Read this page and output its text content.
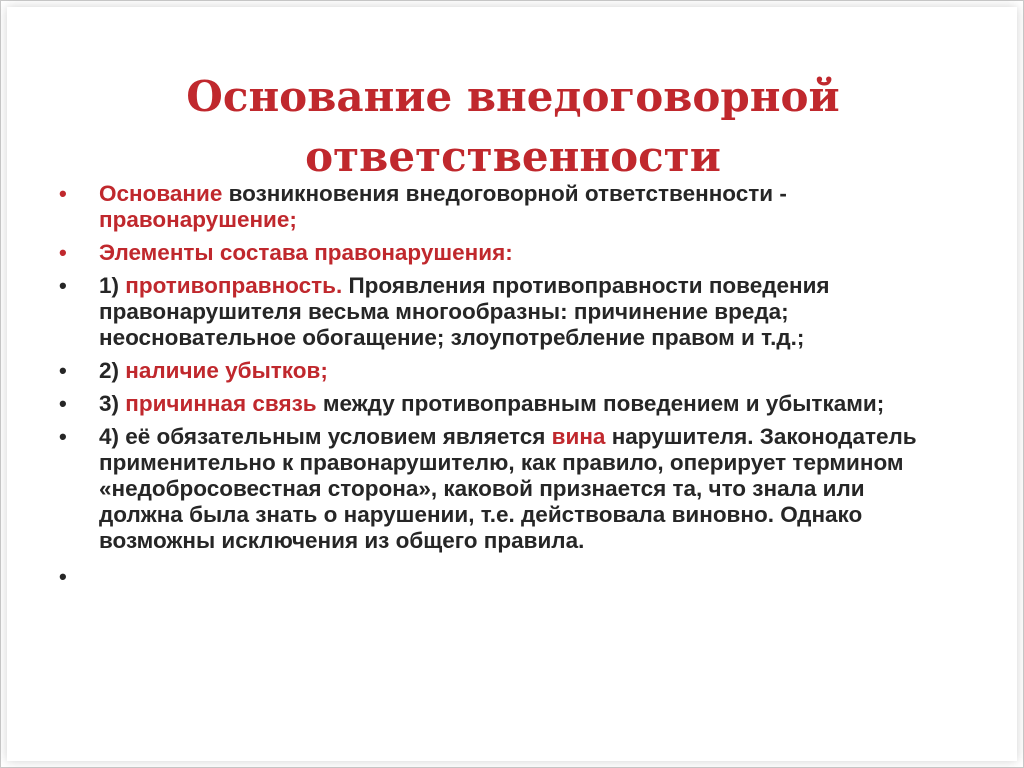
Основание внедоговорной
ответственности
• Основание возникновения внедоговорной ответственности - правонарушение;
• Элементы состава правонарушения:
• 1) противоправность. Проявления противоправности поведения правонарушителя весьма многообразны: причинение вреда; неосновательное обогащение; злоупотребление правом и т.д.;
• 2) наличие убытков;
• 3) причинная связь между противоправным поведением и убытками;
• 4) её обязательным условием является вина нарушителя. Законодатель применительно к правонарушителю, как правило, оперирует термином «недобросовестная сторона», каковой признается та, что знала или должна была знать о нарушении, т.е. действовала виновно. Однако возможны исключения из общего правила.
•
